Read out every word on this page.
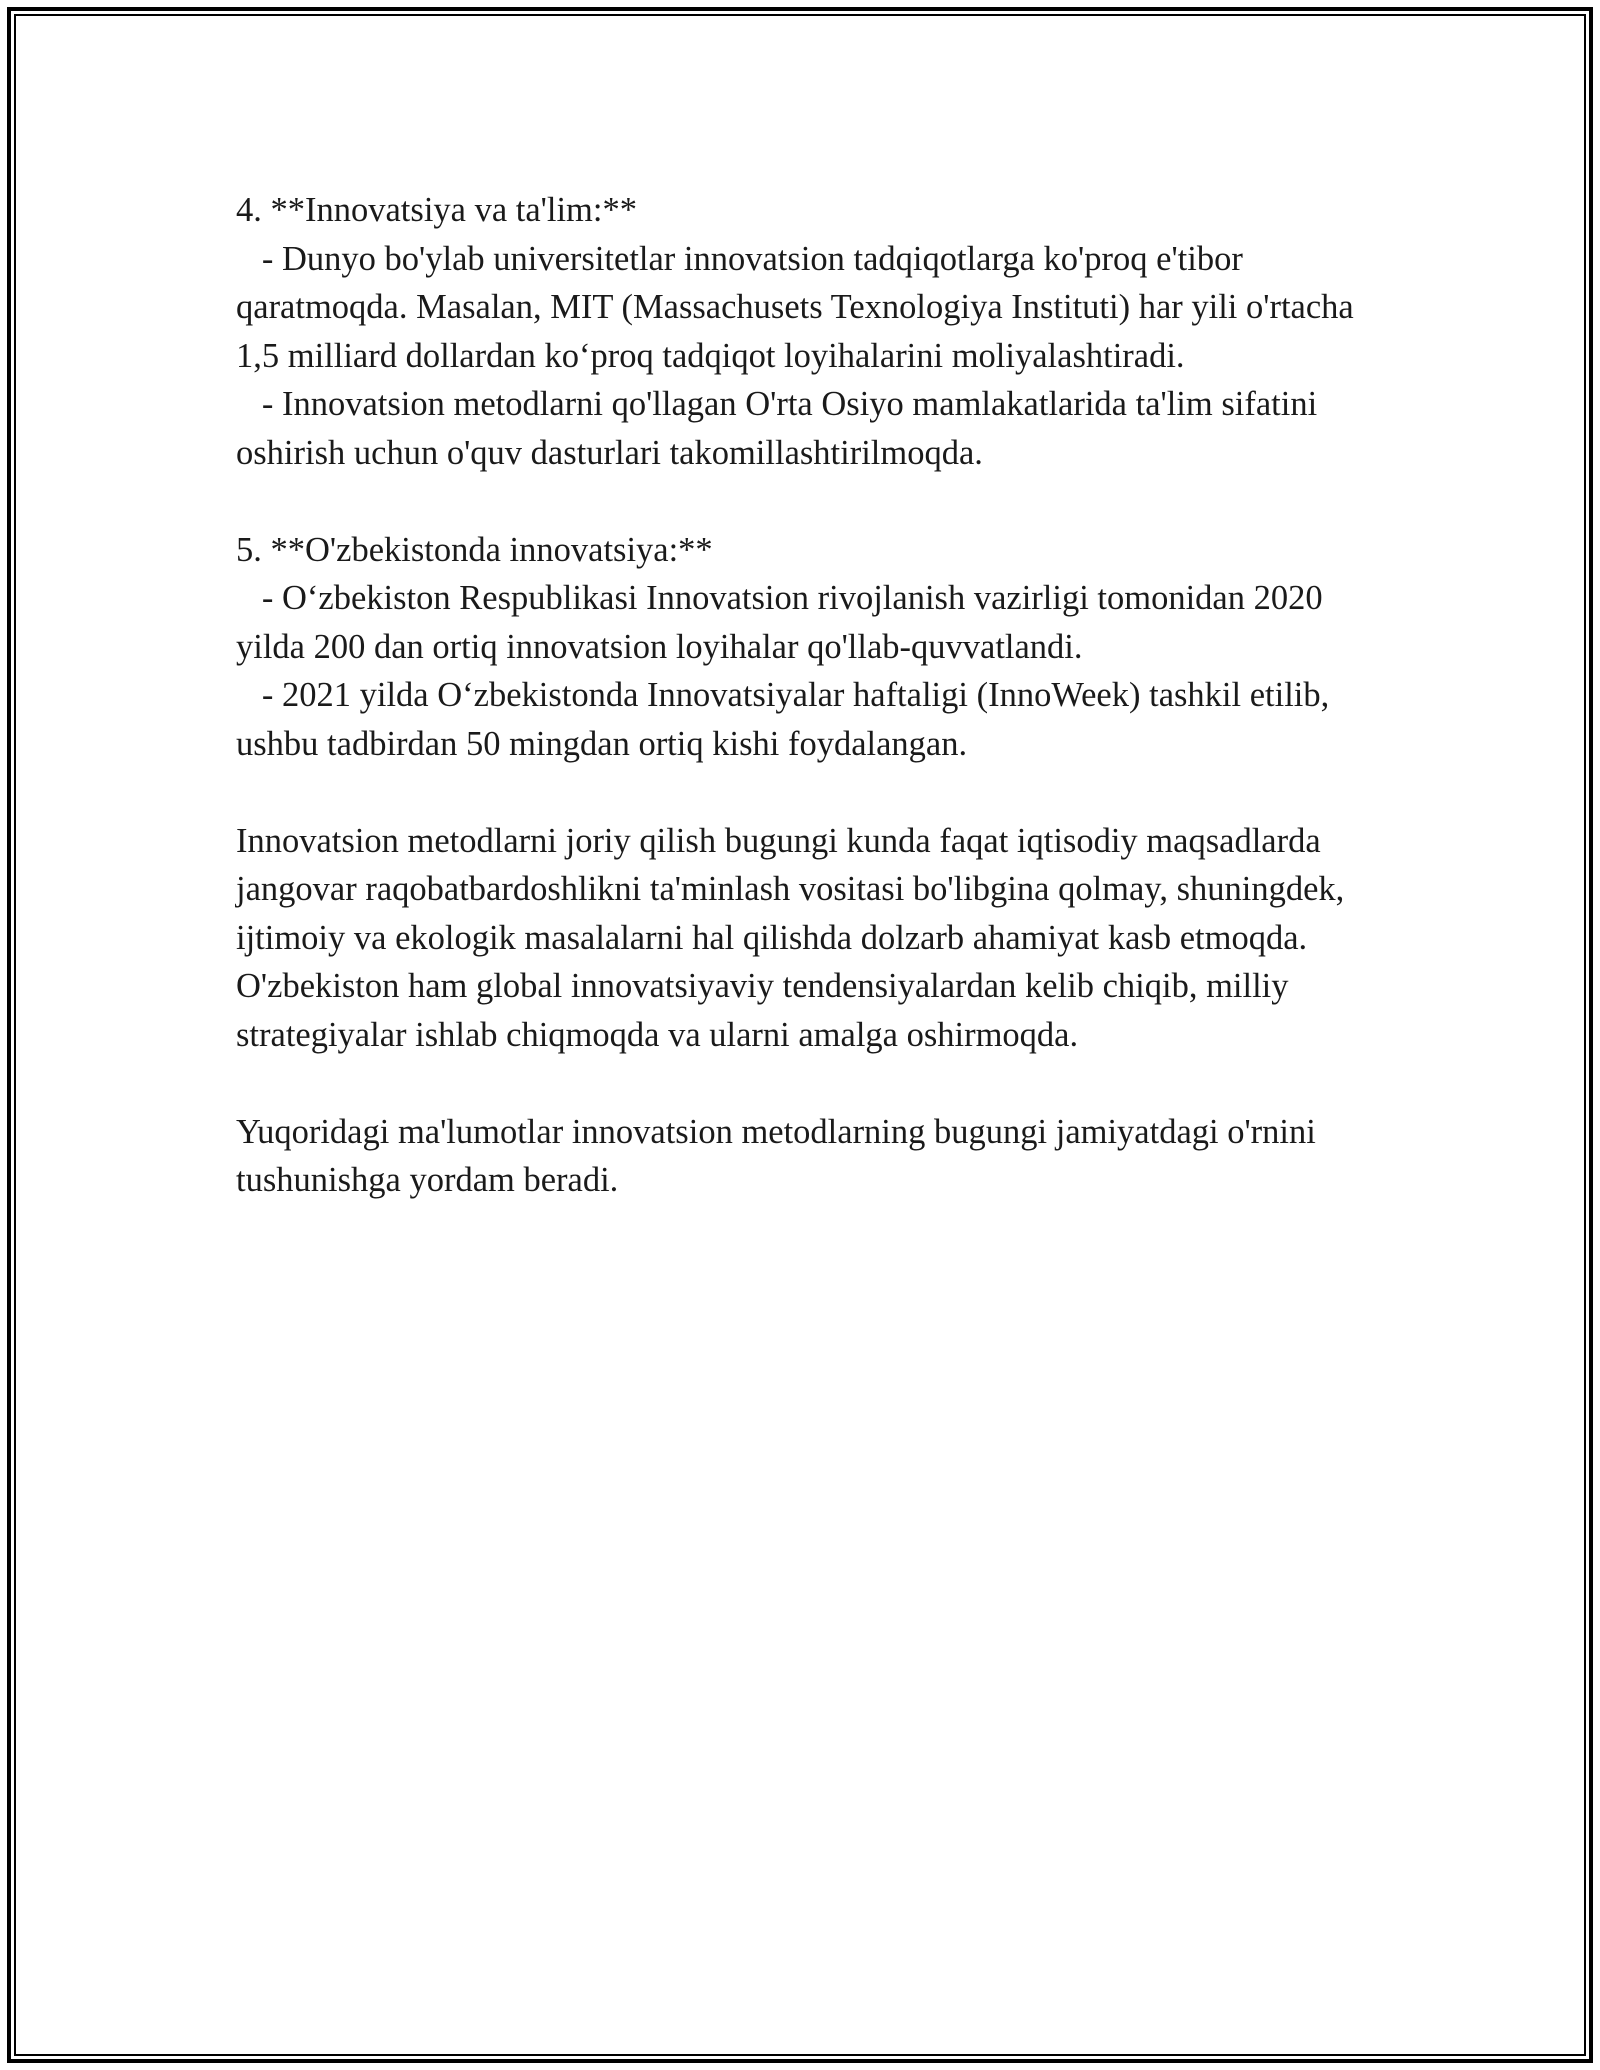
4. **Innovatsiya va ta'lim:**

- Dunyo bo'ylab universitetlar innovatsion tadqiqotlarga ko'proq e'tibor qaratmoqda. Masalan, MIT (Massachusets Texnologiya Instituti) har yili o'rtacha 1,5 milliard dollardan ko‘proq tadqiqot loyihalarini moliyalashtiradi.

- Innovatsion metodlarni qo'llagan O'rta Osiyo mamlakatlarida ta'lim sifatini oshirish uchun o'quv dasturlari takomillashtirilmoqda.

5. **O'zbekistonda innovatsiya:**

- O‘zbekiston Respublikasi Innovatsion rivojlanish vazirligi tomonidan 2020 yilda 200 dan ortiq innovatsion loyihalar qo'llab-quvvatlandi.

- 2021 yilda O‘zbekistonda Innovatsiyalar haftaligi (InnoWeek) tashkil etilib, ushbu tadbirdan 50 mingdan ortiq kishi foydalangan.

Innovatsion metodlarni joriy qilish bugungi kunda faqat iqtisodiy maqsadlarda jangovar raqobatbardoshlikni ta'minlash vositasi bo'libgina qolmay, shuningdek, ijtimoiy va ekologik masalalarni hal qilishda dolzarb ahamiyat kasb etmoqda. O'zbekiston ham global innovatsiyaviy tendensiyalardan kelib chiqib, milliy strategiyalar ishlab chiqmoqda va ularni amalga oshirmoqda.

Yuqoridagi ma'lumotlar innovatsion metodlarning bugungi jamiyatdagi o'rnini tushunishga yordam beradi.
